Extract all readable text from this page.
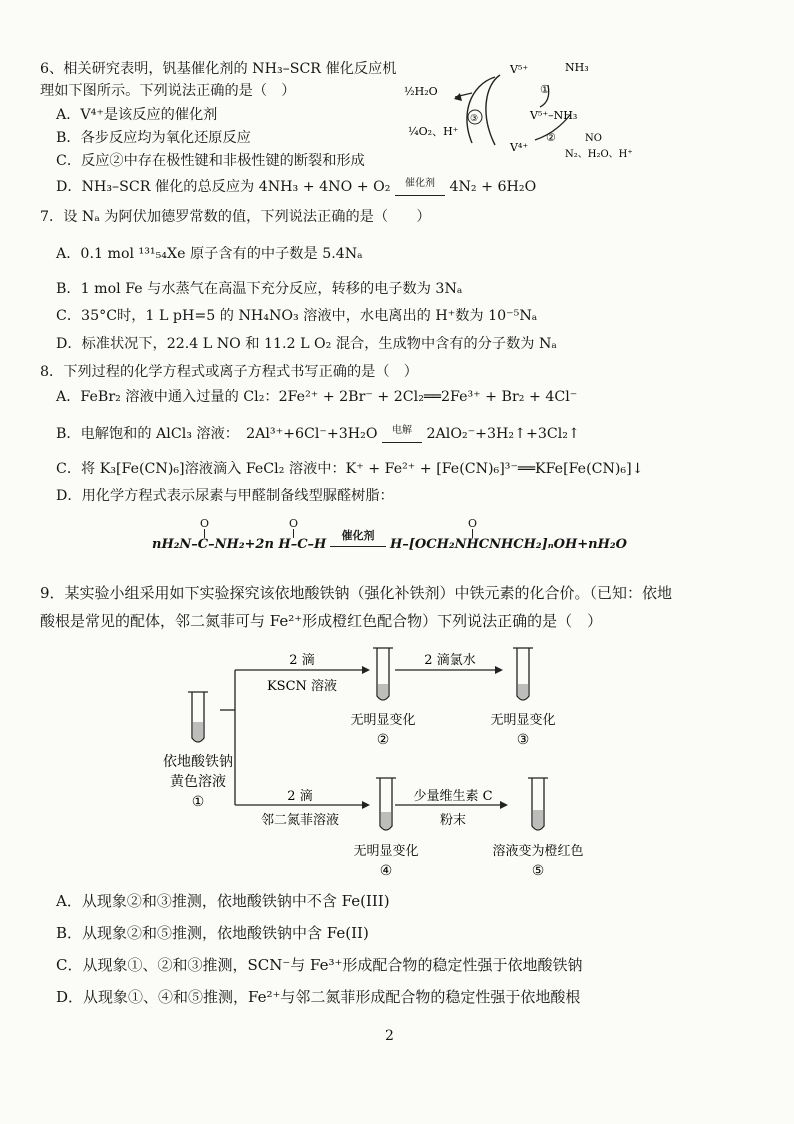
6、相关研究表明，钒基催化剂的 NH₃–SCR 催化反应机
理如下图所示。下列说法正确的是（　）
A．V⁴⁺是该反应的催化剂
B．各步反应均为氧化还原反应
C．反应②中存在极性键和非极性键的断裂和形成
D．NH₃–SCR 催化的总反应为 4NH₃ + 4NO + O₂	催化剂	4N₂ + 6H₂O
½H₂O
¼O₂、H⁺
V⁵⁺	NH₃
①
V⁵⁺–NH₃
②	NO
N₂、H₂O、H⁺
V⁴⁺
③
7．设 Nₐ 为阿伏加德罗常数的值，下列说法正确的是（　　）
A．0.1 mol ¹³¹₅₄Xe 原子含有的中子数是 5.4Nₐ
B．1 mol Fe 与水蒸气在高温下充分反应，转移的电子数为 3Nₐ
C．35°C时，1 L pH=5 的 NH₄NO₃ 溶液中，水电离出的 H⁺数为 10⁻⁵Nₐ
D．标准状况下，22.4 L NO 和 11.2 L O₂ 混合，生成物中含有的分子数为 Nₐ
8．下列过程的化学方程式或离子方程式书写正确的是（　）
A．FeBr₂ 溶液中通入过量的 Cl₂：2Fe²⁺ + 2Br⁻ + 2Cl₂══2Fe³⁺ + Br₂ + 4Cl⁻
B．电解饱和的 AlCl₃ 溶液：　2Al³⁺+6Cl⁻+3H₂O	电解	2AlO₂⁻+3H₂↑+3Cl₂↑
C．将 K₃[Fe(CN)₆]溶液滴入 FeCl₂ 溶液中：K⁺ + Fe²⁺ + [Fe(CN)₆]³⁻══KFe[Fe(CN)₆]↓
D．用化学方程式表示尿素与甲醛制备线型脲醛树脂：
O	O
nH₂N–C–NH₂+2n H–C–H
催化剂
O
H–[OCH₂NHCNHCH₂]ₙOH+nH₂O
9．某实验小组采用如下实验探究该依地酸铁钠（强化补铁剂）中铁元素的化合价。（已知：依地
酸根是常见的配体，邻二氮菲可与 Fe²⁺形成橙红色配合物）下列说法正确的是（　）
依地酸铁钠
黄色溶液
①
2 滴
KSCN 溶液
无明显变化
②
2 滴氯水
无明显变化
③
2 滴
邻二氮菲溶液
无明显变化
④
少量维生素 C
粉末
溶液变为橙红色
⑤
A．从现象②和③推测，依地酸铁钠中不含 Fe(III)
B．从现象②和⑤推测，依地酸铁钠中含 Fe(II)
C．从现象①、②和③推测，SCN⁻与 Fe³⁺形成配合物的稳定性强于依地酸铁钠
D．从现象①、④和⑤推测，Fe²⁺与邻二氮菲形成配合物的稳定性强于依地酸根
2
